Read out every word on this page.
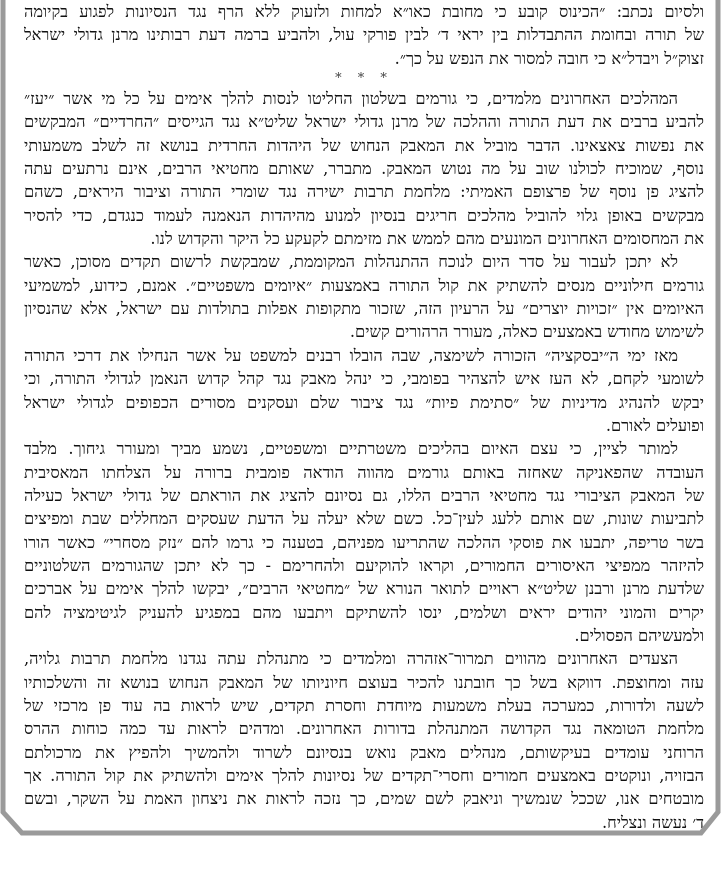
ולסיום נכתב: ״הכינוס קובע כי מחובת כאו״א למחות ולזעוק ללא הרף נגד הנסיונות לפגוע בקיומה
של תורה ובחומת ההתבדלות בין יראי ד׳ לבין פורקי עול, ולהביע ברמה דעת רבותינו מרנן גדולי ישראל
זצוק״ל ויבדל״א כי חובה למסור את הנפש על כך״.
* * *
המהלכים האחרונים מלמדים, כי גורמים בשלטון החליטו לנסות להלך אימים על כל מי אשר ״יעז״
להביע ברבים את דעת התורה וההלכה של מרנן גדולי ישראל שליט״א נגד הגייסים ״החרדיים״ המבקשים
את נפשות צאצאינו. הדבר מוביל את המאבק הנחוש של היהדות החרדית בנושא זה לשלב משמעותי
נוסף, שמוכיח לכולנו שוב על מה נטוש המאבק. מתברר, שאותם מחטיאי הרבים, אינם נרתעים עתה
להציג פן נוסף של פרצופם האמיתי: מלחמת תרבות ישירה נגד שומרי התורה וציבור היראים, כשהם
מבקשים באופן גלוי להוביל מהלכים חריגים בנסיון למנוע מהיהדות הנאמנה לעמוד כנגדם, כדי להסיר
את המחסומים האחרונים המונעים מהם לממש את מזימתם לקעקע כל היקר והקדוש לנו.
לא יתכן לעבור על סדר היום לנוכח ההתנהלות המקוממת, שמבקשת לרשום תקדים מסוכן, כאשר
גורמים חילוניים מנסים להשתיק את קול התורה באמצעות ״איומים משפטיים״. אמנם, כידוע, למשמיעי
האיומים אין ״זכויות יוצרים״ על הרעיון הזה, שזכור מתקופות אפלות בתולדות עם ישראל, אלא שהנסיון
לשימוש מחודש באמצעים כאלה, מעורר הרהורים קשים.
מאז ימי ה״יבסקציה״ הזכורה לשימצה, שבה הובלו רבנים למשפט על אשר הנחילו את דרכי התורה
לשומעי לקחם, לא העז איש להצהיר בפומבי, כי ינהל מאבק נגד קהל קדוש הנאמן לגדולי התורה, וכי
יבקש להנהיג מדיניות של ״סתימת פיות״ נגד ציבור שלם ועסקנים מסורים הכפופים לגדולי ישראל
ופועלים לאורם.
למותר לציין, כי עצם האיום בהליכים משטרתיים ומשפטיים, נשמע מביך ומעורר גיחוך. מלבד
העובדה שהפאניקה שאחזה באותם גורמים מהווה הודאה פומבית ברורה על הצלחתו המאסיבית
של המאבק הציבורי נגד מחטיאי הרבים הללו, גם נסיונם להציג את הוראתם של גדולי ישראל כעילה
לתביעות שונות, שם אותם ללעג לעין־כל. כשם שלא יעלה על הדעת שעסקים המחללים שבת ומפיצים
בשר טריפה, יתבעו את פוסקי ההלכה שהתריעו מפניהם, בטענה כי גרמו להם ״נזק מסחרי״ כאשר הורו
להיזהר ממפיצי האיסורים החמורים, וקראו להוקיעם ולהחרימם - כך לא יתכן שהגורמים השלטוניים
שלדעת מרנן ורבנן שליט״א ראויים לתואר הנורא של ״מחטיאי הרבים״, יבקשו להלך אימים על אברכים
יקרים והמוני יהודים יראים ושלמים, ינסו להשתיקם ויתבעו מהם במפגיע להעניק לגיטימציה להם
ולמעשיהם הפסולים.
הצעדים האחרונים מהווים תמרור־אזהרה ומלמדים כי מתנהלת עתה נגדנו מלחמת תרבות גלויה,
עזה ומחוצפת. דווקא בשל כך חובתנו להכיר בעוצם חיוניותו של המאבק הנחוש בנושא זה והשלכותיו
לשעה ולדורות, כמערכה בעלת משמעות מיוחדת וחסרת תקדים, שיש לראות בה עוד פן מרכזי של
מלחמת הטומאה נגד הקדושה המתנהלת בדורות האחרונים. ומדהים לראות עד כמה כוחות ההרס
הרוחני עומדים בעיקשותם, מנהלים מאבק נואש בנסיונם לשרוד ולהמשיך ולהפיץ את מרכולתם
הבזויה, ונוקטים באמצעים חמורים וחסרי־תקדים של נסיונות להלך אימים ולהשתיק את קול התורה. אך
מובטחים אנו, שככל שנמשיך וניאבק לשם שמים, כך נזכה לראות את ניצחון האמת על השקר, ובשם
ד׳ נעשה ונצליח.
